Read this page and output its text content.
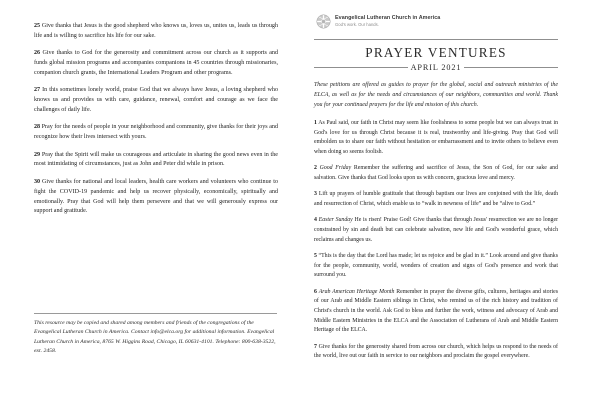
25 Give thanks that Jesus is the good shepherd who knows us, loves us, unites us, leads us through life and is willing to sacrifice his life for our sake.

26 Give thanks to God for the generosity and commitment across our church as it supports and funds global mission programs and accompanies companions in 45 countries through missionaries, companion church grants, the International Leaders Program and other programs.

27 In this sometimes lonely world, praise God that we always have Jesus, a loving shepherd who knows us and provides us with care, guidance, renewal, comfort and courage as we face the challenges of daily life.

28 Pray for the needs of people in your neighborhood and community, give thanks for their joys and recognize how their lives intersect with yours.

29 Pray that the Spirit will make us courageous and articulate in sharing the good news even in the most intimidating of circumstances, just as John and Peter did while in prison.

30 Give thanks for national and local leaders, health care workers and volunteers who continue to fight the COVID-19 pandemic and help us recover physically, economically, spiritually and emotionally. Pray that God will help them persevere and that we will generously express our support and gratitude.

This resource may be copied and shared among members and friends of the congregations of the Evangelical Lutheran Church in America. Contact info@elca.org for additional information. Evangelical Lutheran Church in America, 8765 W. Higgins Road, Chicago, IL 60631-4101. Telephone: 800-638-3522, ext. 2458.

Evangelical Lutheran Church in America
God's work. Our hands.
PRAYER VENTURES
APRIL 2021

These petitions are offered as guides to prayer for the global, social and outreach ministries of the ELCA, as well as for the needs and circumstances of our neighbors, communities and world. Thank you for your continued prayers for the life and mission of this church.

1 As Paul said, our faith in Christ may seem like foolishness to some people but we can always trust in God's love for us through Christ because it is real, trustworthy and life-giving. Pray that God will embolden us to share our faith without hesitation or embarrassment and to invite others to believe even when doing so seems foolish.

2 Good Friday Remember the suffering and sacrifice of Jesus, the Son of God, for our sake and salvation. Give thanks that God looks upon us with concern, gracious love and mercy.

3 Lift up prayers of humble gratitude that through baptism our lives are conjoined with the life, death and resurrection of Christ, which enable us to “walk in newness of life” and be “alive to God.”

4 Easter Sunday He is risen! Praise God! Give thanks that through Jesus' resurrection we are no longer constrained by sin and death but can celebrate salvation, new life and God's wonderful grace, which reclaims and changes us.

5 “This is the day that the Lord has made; let us rejoice and be glad in it.” Look around and give thanks for the people, community, world, wonders of creation and signs of God's presence and work that surround you.

6 Arab American Heritage Month Remember in prayer the diverse gifts, cultures, heritages and stories of our Arab and Middle Eastern siblings in Christ, who remind us of the rich history and tradition of Christ's church in the world. Ask God to bless and further the work, witness and advocacy of Arab and Middle Eastern Ministries in the ELCA and the Association of Lutherans of Arab and Middle Eastern Heritage of the ELCA.

7 Give thanks for the generosity shared from across our church, which helps us respond to the needs of the world, live out our faith in service to our neighbors and proclaim the gospel everywhere.
